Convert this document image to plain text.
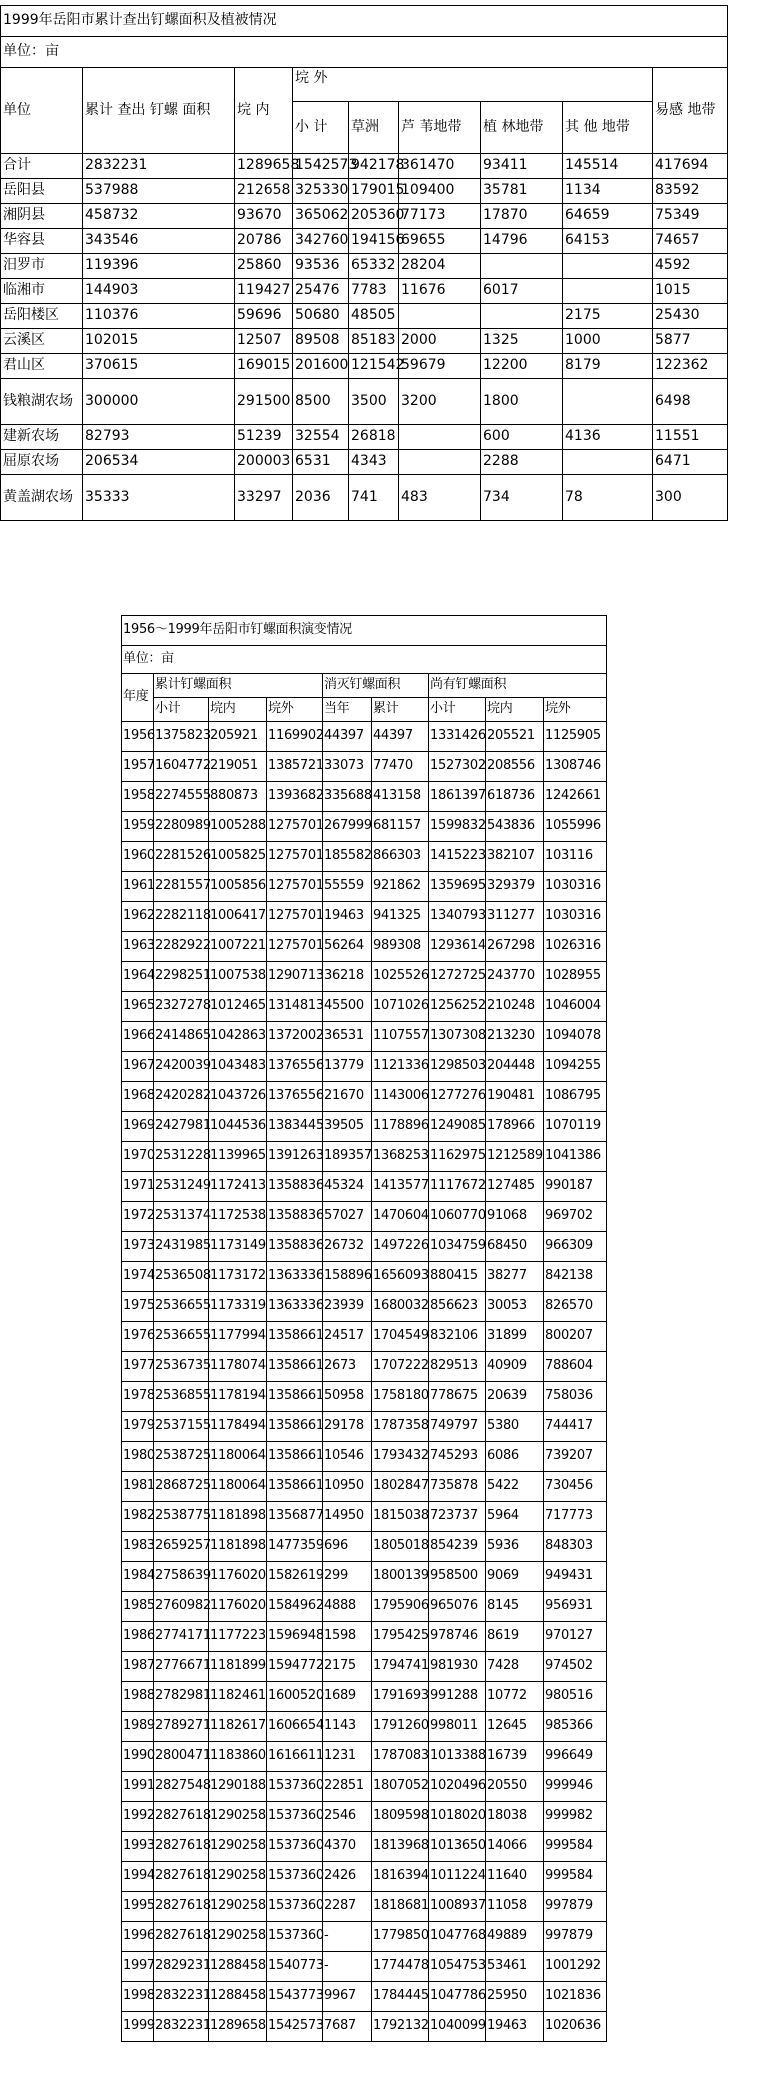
1999年岳阳市累计查出钉螺面积及植被情况								
单位：亩								
单位	累计 查出 钉螺 面积	垸 内	垸 外					易感 地带
			小 计	草洲	芦 苇地带	植 林地带	其 他 地带	
合计	2832231	1289658	1542573	942178	361470	93411	145514	417694
岳阳县	537988	212658	325330	179015	109400	35781	1134	83592
湘阴县	458732	93670	365062	205360	77173	17870	64659	75349
华容县	343546	20786	342760	194156	69655	14796	64153	74657
汨罗市	119396	25860	93536	65332	28204			4592
临湘市	144903	119427	25476	7783	11676	6017		1015
岳阳楼区	110376	59696	50680	48505			2175	25430
云溪区	102015	12507	89508	85183	2000	1325	1000	5877
君山区	370615	169015	201600	121542	59679	12200	8179	122362
钱粮湖农场	300000	291500	8500	3500	3200	1800		6498
建新农场	82793	51239	32554	26818		600	4136	11551
屈原农场	206534	200003	6531	4343		2288		6471
黄盖湖农场	35333	33297	2036	741	483	734	78	300
1956～1999年岳阳市钉螺面积演变情况								
单位：亩								
年度	累计钉螺面积			消灭钉螺面积		尚有钉螺面积		
	小计	垸内	垸外	当年	累计	小计	垸内	垸外
1956	1375823	205921	1169902	44397	44397	1331426	205521	1125905
1957	1604772	219051	1385721	33073	77470	1527302	208556	1308746
1958	2274555	880873	1393682	335688	413158	1861397	618736	1242661
1959	2280989	1005288	1275701	267999	681157	1599832	543836	1055996
1960	2281526	1005825	1275701	185582	866303	1415223	382107	103116
1961	2281557	1005856	1275701	55559	921862	1359695	329379	1030316
1962	2282118	1006417	1275701	19463	941325	1340793	311277	1030316
1963	2282922	1007221	1275701	56264	989308	1293614	267298	1026316
1964	2298251	1007538	1290713	36218	1025526	1272725	243770	1028955
1965	2327278	1012465	1314813	45500	1071026	1256252	210248	1046004
1966	2414865	1042863	1372002	36531	1107557	1307308	213230	1094078
1967	2420039	1043483	1376556	13779	1121336	1298503	204448	1094255
1968	2420282	1043726	1376556	21670	1143006	1277276	190481	1086795
1969	2427981	1044536	1383445	39505	1178896	1249085	178966	1070119
1970	2531228	1139965	1391263	189357	1368253	1162975	1212589	1041386
1971	2531249	1172413	1358836	45324	1413577	1117672	127485	990187
1972	2531374	1172538	1358836	57027	1470604	1060770	91068	969702
1973	2431985	1173149	1358836	26732	1497226	1034759	68450	966309
1974	2536508	1173172	1363336	158896	1656093	880415	38277	842138
1975	2536655	1173319	1363336	23939	1680032	856623	30053	826570
1976	2536655	1177994	1358661	24517	1704549	832106	31899	800207
1977	2536735	1178074	1358661	2673	1707222	829513	40909	788604
1978	2536855	1178194	1358661	50958	1758180	778675	20639	758036
1979	2537155	1178494	1358661	29178	1787358	749797	5380	744417
1980	2538725	1180064	1358661	10546	1793432	745293	6086	739207
1981	2868725	1180064	1358661	10950	1802847	735878	5422	730456
1982	2538775	1181898	1356877	14950	1815038	723737	5964	717773
1983	2659257	1181898	1477359	696	1805018	854239	5936	848303
1984	2758639	1176020	1582619	299	1800139	958500	9069	949431
1985	2760982	1176020	1584962	4888	1795906	965076	8145	956931
1986	2774171	1177223	1596948	1598	1795425	978746	8619	970127
1987	2776671	1181899	1594772	2175	1794741	981930	7428	974502
1988	2782981	1182461	1600520	1689	1791693	991288	10772	980516
1989	2789271	1182617	1606654	1143	1791260	998011	12645	985366
1990	2800471	1183860	1616611	1231	1787083	1013388	16739	996649
1991	2827548	1290188	1537360	22851	1807052	1020496	20550	999946
1992	2827618	1290258	1537360	2546	1809598	1018020	18038	999982
1993	2827618	1290258	1537360	4370	1813968	1013650	14066	999584
1994	2827618	1290258	1537360	2426	1816394	1011224	11640	999584
1995	2827618	1290258	1537360	2287	1818681	1008937	11058	997879
1996	2827618	1290258	1537360	-	1779850	1047768	49889	997879
1997	2829231	1288458	1540773	-	1774478	1054753	53461	1001292
1998	2832231	1288458	1543773	9967	1784445	1047786	25950	1021836
1999	2832231	1289658	1542573	7687	1792132	1040099	19463	1020636
